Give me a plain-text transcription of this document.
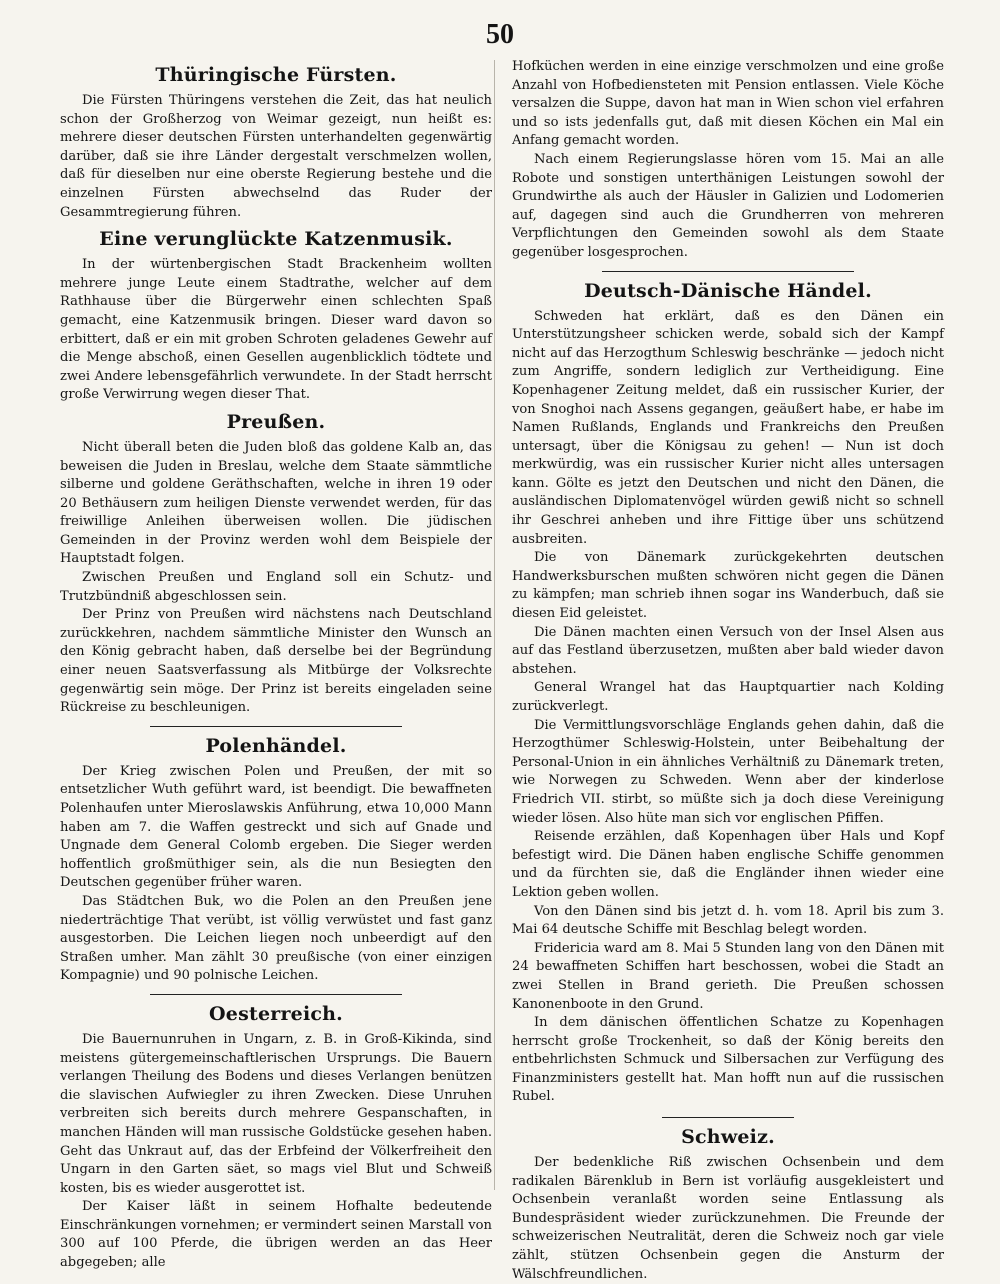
50
Thüringische Fürsten.

Die Fürsten Thüringens verstehen die Zeit, das hat neulich schon der Großherzog von Weimar gezeigt, nun heißt es: mehrere dieser deutschen Fürsten unterhandelten gegenwärtig darüber, daß sie ihre Länder dergestalt verschmelzen wollen, daß für dieselben nur eine oberste Regierung bestehe und die einzelnen Fürsten abwechselnd das Ruder der Gesammtregierung führen.

Eine verunglückte Katzenmusik.

In der würtenbergischen Stadt Brackenheim wollten mehrere junge Leute einem Stadtrathe, welcher auf dem Rathhause über die Bürgerwehr einen schlechten Spaß gemacht, eine Katzenmusik bringen. Dieser ward davon so erbittert, daß er ein mit groben Schroten geladenes Gewehr auf die Menge abschoß, einen Gesellen augenblicklich tödtete und zwei Andere lebensgefährlich verwundete. In der Stadt herrscht große Verwirrung wegen dieser That.

Preußen.

Nicht überall beten die Juden bloß das goldene Kalb an, das beweisen die Juden in Breslau, welche dem Staate sämmtliche silberne und goldene Geräthschaften, welche in ihren 19 oder 20 Bethäusern zum heiligen Dienste verwendet werden, für das freiwillige Anleihen überweisen wollen. Die jüdischen Gemeinden in der Provinz werden wohl dem Beispiele der Hauptstadt folgen.

Zwischen Preußen und England soll ein Schutz- und Trutzbündniß abgeschlossen sein.

Der Prinz von Preußen wird nächstens nach Deutschland zurückkehren, nachdem sämmtliche Minister den Wunsch an den König gebracht haben, daß derselbe bei der Begründung einer neuen Saatsverfassung als Mitbürge der Volksrechte gegenwärtig sein möge. Der Prinz ist bereits eingeladen seine Rückreise zu beschleunigen.

Polenhändel.

Der Krieg zwischen Polen und Preußen, der mit so entsetzlicher Wuth geführt ward, ist beendigt. Die bewaffneten Polenhaufen unter Mieroslawskis Anführung, etwa 10,000 Mann haben am 7. die Waffen gestreckt und sich auf Gnade und Ungnade dem General Colomb ergeben. Die Sieger werden hoffentlich großmüthiger sein, als die nun Besiegten den Deutschen gegenüber früher waren.

Das Städtchen Buk, wo die Polen an den Preußen jene niederträchtige That verübt, ist völlig verwüstet und fast ganz ausgestorben. Die Leichen liegen noch unbeerdigt auf den Straßen umher. Man zählt 30 preußische (von einer einzigen Kompagnie) und 90 polnische Leichen.

Oesterreich.

Die Bauernunruhen in Ungarn, z. B. in Groß-Kikinda, sind meistens gütergemeinschaftlerischen Ursprungs. Die Bauern verlangen Theilung des Bodens und dieses Verlangen benützen die slavischen Aufwiegler zu ihren Zwecken. Diese Unruhen verbreiten sich bereits durch mehrere Gespanschaften, in manchen Händen will man russische Goldstücke gesehen haben. Geht das Unkraut auf, das der Erbfeind der Völkerfreiheit den Ungarn in den Garten säet, so mags viel Blut und Schweiß kosten, bis es wieder ausgerottet ist.

Der Kaiser läßt in seinem Hofhalte bedeutende Einschränkungen vornehmen; er vermindert seinen Marstall von 300 auf 100 Pferde, die übrigen werden an das Heer abgegeben; alle

Hofküchen werden in eine einzige verschmolzen und eine große Anzahl von Hofbediensteten mit Pension entlassen. Viele Köche versalzen die Suppe, davon hat man in Wien schon viel erfahren und so ists jedenfalls gut, daß mit diesen Köchen ein Mal ein Anfang gemacht worden.

Nach einem Regierungslasse hören vom 15. Mai an alle Robote und sonstigen unterthänigen Leistungen sowohl der Grundwirthe als auch der Häusler in Galizien und Lodomerien auf, dagegen sind auch die Grundherren von mehreren Verpflichtungen den Gemeinden sowohl als dem Staate gegenüber losgesprochen.

Deutsch-Dänische Händel.

Schweden hat erklärt, daß es den Dänen ein Unterstützungsheer schicken werde, sobald sich der Kampf nicht auf das Herzogthum Schleswig beschränke — jedoch nicht zum Angriffe, sondern lediglich zur Vertheidigung. Eine Kopenhagener Zeitung meldet, daß ein russischer Kurier, der von Snoghoi nach Assens gegangen, geäußert habe, er habe im Namen Rußlands, Englands und Frankreichs den Preußen untersagt, über die Königsau zu gehen! — Nun ist doch merkwürdig, was ein russischer Kurier nicht alles untersagen kann. Gölte es jetzt den Deutschen und nicht den Dänen, die ausländischen Diplomatenvögel würden gewiß nicht so schnell ihr Geschrei anheben und ihre Fittige über uns schützend ausbreiten.

Die von Dänemark zurückgekehrten deutschen Handwerksburschen mußten schwören nicht gegen die Dänen zu kämpfen; man schrieb ihnen sogar ins Wanderbuch, daß sie diesen Eid geleistet.

Die Dänen machten einen Versuch von der Insel Alsen aus auf das Festland überzusetzen, mußten aber bald wieder davon abstehen.

General Wrangel hat das Hauptquartier nach Kolding zurückverlegt.

Die Vermittlungsvorschläge Englands gehen dahin, daß die Herzogthümer Schleswig-Holstein, unter Beibehaltung der Personal-Union in ein ähnliches Verhältniß zu Dänemark treten, wie Norwegen zu Schweden. Wenn aber der kinderlose Friedrich VII. stirbt, so müßte sich ja doch diese Vereinigung wieder lösen. Also hüte man sich vor englischen Pfiffen.

Reisende erzählen, daß Kopenhagen über Hals und Kopf befestigt wird. Die Dänen haben englische Schiffe genommen und da fürchten sie, daß die Engländer ihnen wieder eine Lektion geben wollen.

Von den Dänen sind bis jetzt d. h. vom 18. April bis zum 3. Mai 64 deutsche Schiffe mit Beschlag belegt worden.

Fridericia ward am 8. Mai 5 Stunden lang von den Dänen mit 24 bewaffneten Schiffen hart beschossen, wobei die Stadt an zwei Stellen in Brand gerieth. Die Preußen schossen Kanonenboote in den Grund.

In dem dänischen öffentlichen Schatze zu Kopenhagen herrscht große Trockenheit, so daß der König bereits den entbehrlichsten Schmuck und Silbersachen zur Verfügung des Finanzministers gestellt hat. Man hofft nun auf die russischen Rubel.

Schweiz.

Der bedenkliche Riß zwischen Ochsenbein und dem radikalen Bärenklub in Bern ist vorläufig ausgekleistert und Ochsenbein veranlaßt worden seine Entlassung als Bundespräsident wieder zurückzunehmen. Die Freunde der schweizerischen Neutralität, deren die Schweiz noch gar viele zählt, stützen Ochsenbein gegen die Ansturm der Wälschfreundlichen.
